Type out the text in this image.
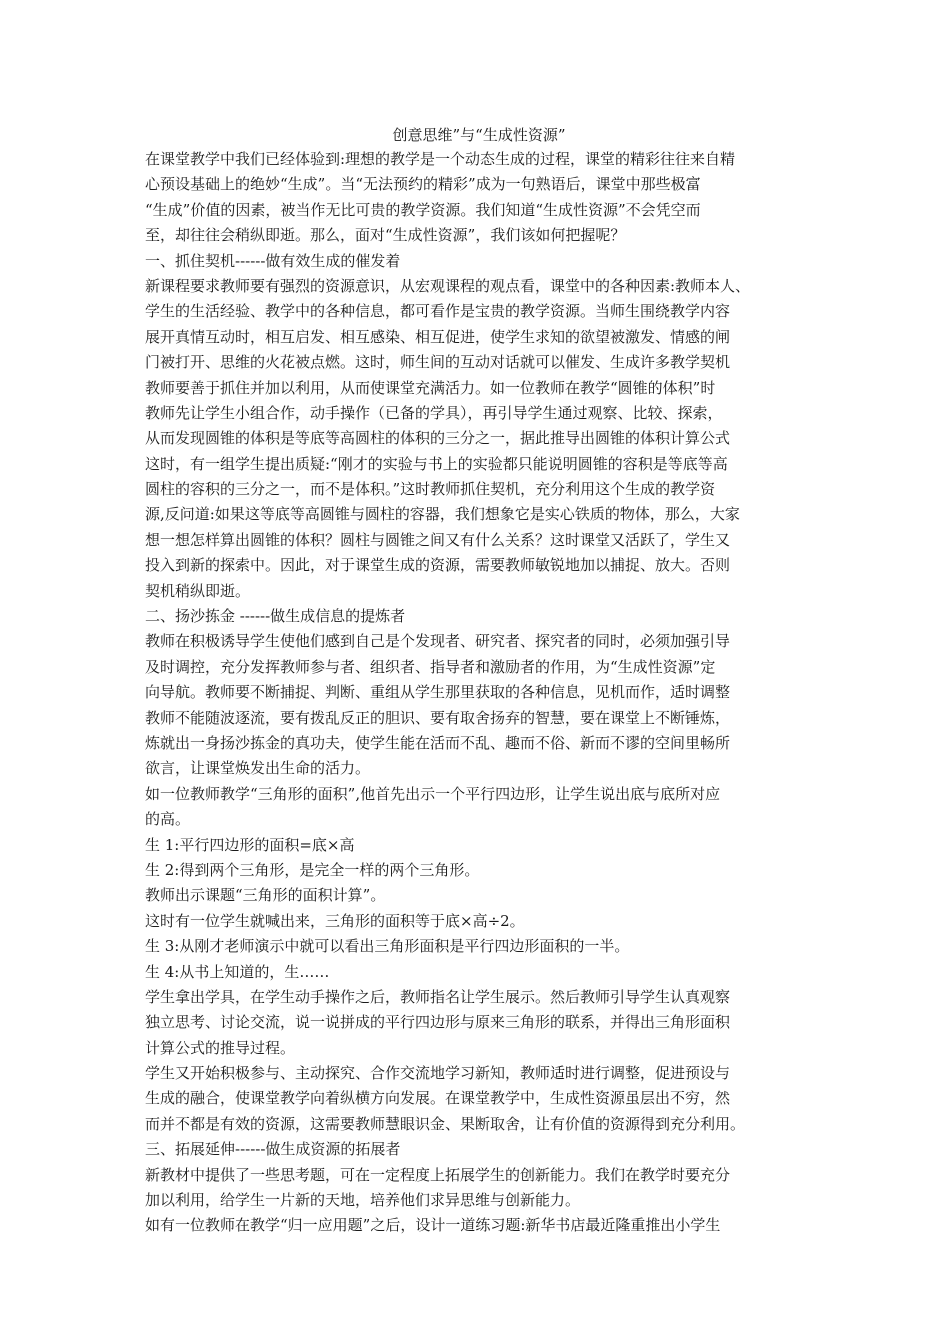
创意思维”与“生成性资源”

在课堂教学中我们已经体验到:理想的教学是一个动态生成的过程，课堂的精彩往往来自精

心预设基础上的绝妙“生成”。当“无法预约的精彩”成为一句熟语后，课堂中那些极富

“生成”价值的因素，被当作无比可贵的教学资源。我们知道“生成性资源”不会凭空而

至，却往往会稍纵即逝。那么，面对“生成性资源”，我们该如何把握呢？

一、抓住契机------做有效生成的催发着

新课程要求教师要有强烈的资源意识，从宏观课程的观点看，课堂中的各种因素:教师本人、

学生的生活经验、教学中的各种信息，都可看作是宝贵的教学资源。当师生围绕教学内容

展开真情互动时，相互启发、相互感染、相互促进，使学生求知的欲望被激发、情感的闸

门被打开、思维的火花被点燃。这时，师生间的互动对话就可以催发、生成许多教学契机

教师要善于抓住并加以利用，从而使课堂充满活力。如一位教师在教学“圆锥的体积”时

教师先让学生小组合作，动手操作（已备的学具），再引导学生通过观察、比较、探索，

从而发现圆锥的体积是等底等高圆柱的体积的三分之一，据此推导出圆锥的体积计算公式

这时，有一组学生提出质疑:“刚才的实验与书上的实验都只能说明圆锥的容积是等底等高

圆柱的容积的三分之一，而不是体积。”这时教师抓住契机，充分利用这个生成的教学资

源,反问道:如果这等底等高圆锥与圆柱的容器，我们想象它是实心铁质的物体，那么，大家

想一想怎样算出圆锥的体积？圆柱与圆锥之间又有什么关系？这时课堂又活跃了，学生又

投入到新的探索中。因此，对于课堂生成的资源，需要教师敏锐地加以捕捉、放大。否则

契机稍纵即逝。

二、扬沙拣金 ------做生成信息的提炼者

教师在积极诱导学生使他们感到自己是个发现者、研究者、探究者的同时，必须加强引导

及时调控，充分发挥教师参与者、组织者、指导者和激励者的作用，为“生成性资源”定

向导航。教师要不断捕捉、判断、重组从学生那里获取的各种信息，见机而作，适时调整

教师不能随波逐流，要有拨乱反正的胆识、要有取舍扬弃的智慧，要在课堂上不断锤炼，

炼就出一身扬沙拣金的真功夫，使学生能在活而不乱、趣而不俗、新而不谬的空间里畅所

欲言，让课堂焕发出生命的活力。

如一位教师教学“三角形的面积”,他首先出示一个平行四边形，让学生说出底与底所对应

的高。

生 1:平行四边形的面积=底×高

生 2:得到两个三角形，是完全一样的两个三角形。

教师出示课题“三角形的面积计算”。

这时有一位学生就喊出来，三角形的面积等于底×高÷2。

生 3:从刚才老师演示中就可以看出三角形面积是平行四边形面积的一半。

生 4:从书上知道的，生……

学生拿出学具，在学生动手操作之后，教师指名让学生展示。然后教师引导学生认真观察

独立思考、讨论交流，说一说拼成的平行四边形与原来三角形的联系，并得出三角形面积

计算公式的推导过程。

学生又开始积极参与、主动探究、合作交流地学习新知，教师适时进行调整，促进预设与

生成的融合，使课堂教学向着纵横方向发展。在课堂教学中，生成性资源虽层出不穷，然

而并不都是有效的资源，这需要教师慧眼识金、果断取舍，让有价值的资源得到充分利用。

三、拓展延伸------做生成资源的拓展者

新教材中提供了一些思考题，可在一定程度上拓展学生的创新能力。我们在教学时要充分

加以利用，给学生一片新的天地，培养他们求异思维与创新能力。

如有一位教师在教学“归一应用题”之后，设计一道练习题:新华书店最近隆重推出小学生
